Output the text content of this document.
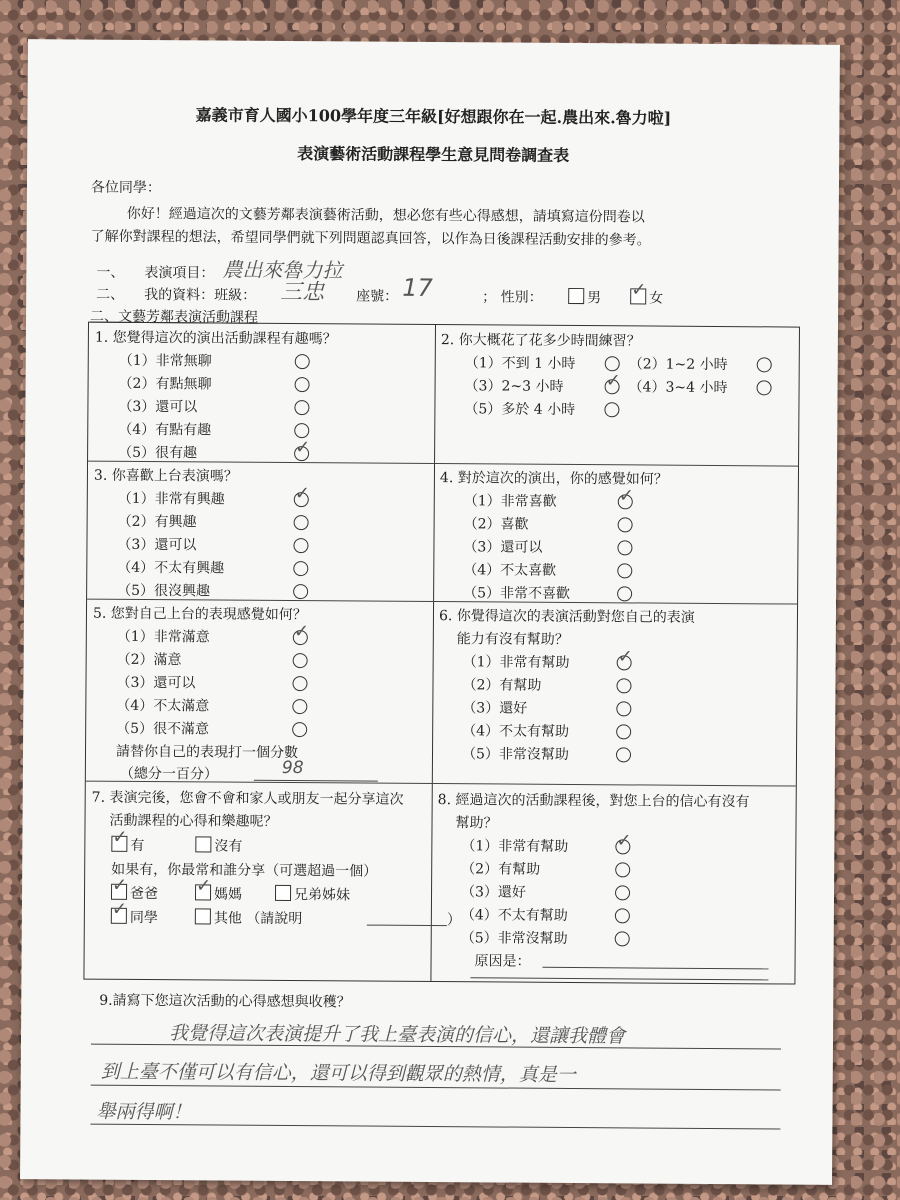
嘉義市育人國小100學年度三年級[好想跟你在一起.農出來.魯力啦]
表演藝術活動課程學生意見問卷調查表
各位同學：
你好！經過這次的文藝芳鄰表演藝術活動，想必您有些心得感想，請填寫這份問卷以
了解你對課程的想法，希望同學們就下列問題認真回答，以作為日後課程活動安排的參考。
一、 表演項目： 農出來魯力拉
二、 我的資料：班級： 三忠 座號： 17	； 性別：	男 ✓	女
二、文藝芳鄰表演活動課程
1. 您覺得這次的演出活動課程有趣嗎？
（1）非常無聊
（2）有點無聊
（3）還可以
（4）有點有趣
（5）很有趣
✓
2. 你大概花了花多少時間練習？
（1）不到 1 小時	（2）1~2 小時
（3）2~3 小時 ✓	（4）3~4 小時
（5）多於 4 小時
3. 你喜歡上台表演嗎？
（1）非常有興趣
（2）有興趣
（3）還可以
（4）不太有興趣
（5）很沒興趣
✓
4. 對於這次的演出，你的感覺如何？
（1）非常喜歡
（2）喜歡
（3）還可以
（4）不太喜歡
（5）非常不喜歡
✓
5. 您對自己上台的表現感覺如何？
（1）非常滿意
（2）滿意
（3）還可以
（4）不太滿意
（5）很不滿意
✓
請替你自己的表現打一個分數
（總分一百分）	98
6. 你覺得這次的表演活動對您自己的表演
能力有沒有幫助？
（1）非常有幫助
（2）有幫助
（3）還好
（4）不太有幫助
（5）非常沒幫助
✓
7. 表演完後，您會不會和家人或朋友一起分享這次
活動課程的心得和樂趣呢？
✓有	沒有
如果有，你最常和誰分享（可選超過一個）
✓爸爸 ✓	媽媽	兄弟姊妹
✓同學	其他 （請說明	）
8. 經過這次的活動課程後，對您上台的信心有沒有
幫助？
（1）非常有幫助
（2）有幫助
（3）還好
（4）不太有幫助
（5）非常沒幫助
✓
原因是：
9.請寫下您這次活動的心得感想與收穫？
我覺得這次表演提升了我上臺表演的信心，還讓我體會
到上臺不僅可以有信心，還可以得到觀眾的熱情，真是一
舉兩得啊！
